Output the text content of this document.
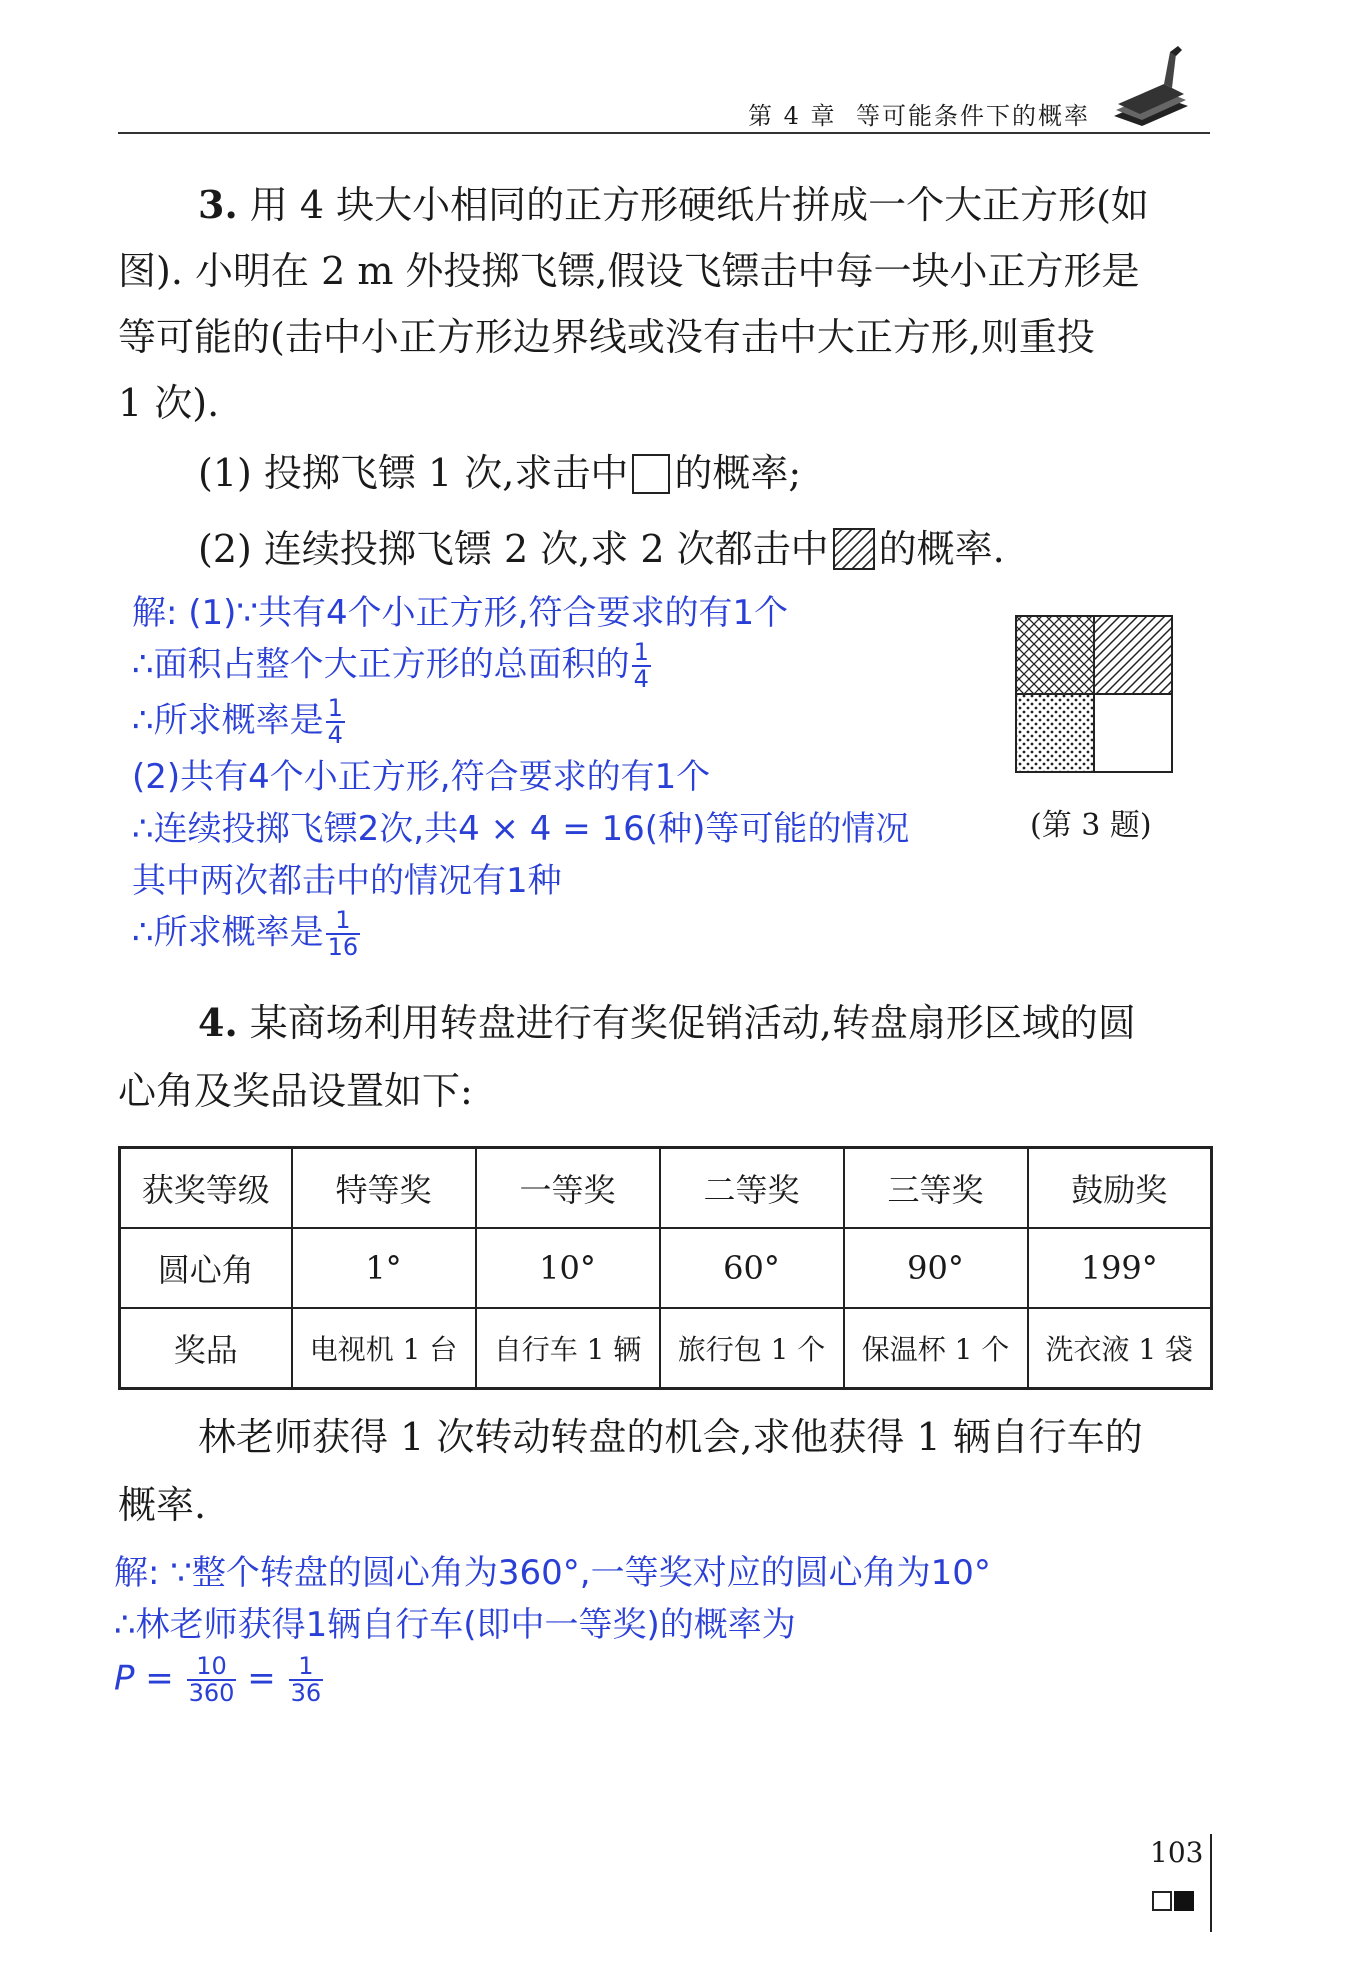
第 4 章 等可能条件下的概率
3. 用 4 块大小相同的正方形硬纸片拼成一个大正方形(如
图). 小明在 2 m 外投掷飞镖,假设飞镖击中每一块小正方形是
等可能的(击中小正方形边界线或没有击中大正方形,则重投
1 次).
(1) 投掷飞镖 1 次,求击中 的概率;
(2) 连续投掷飞镖 2 次,求 2 次都击中 的概率.
(第 3 题)
解: (1)∵共有4个小正方形,符合要求的有1个
∴面积占整个大正方形的总面积的 $\frac{1}{4}$
∴所求概率是 $\frac{1}{4}$
(2)共有4个小正方形,符合要求的有1个
∴连续投掷飞镖2次,共4 × 4 = 16(种)等可能的情况
其中两次都击中的情况有1种
∴所求概率是 $\frac{1}{16}$
4. 某商场利用转盘进行有奖促销活动,转盘扇形区域的圆
心角及奖品设置如下:
获奖等级	特等奖	一等奖	二等奖	三等奖	鼓励奖
圆心角	1°	10°	60°	90°	199°
奖品	电视机 1 台	自行车 1 辆	旅行包 1 个	保温杯 1 个	洗衣液 1 袋
林老师获得 1 次转动转盘的机会,求他获得 1 辆自行车的
概率.
解: ∵整个转盘的圆心角为360°,一等奖对应的圆心角为10°
∴林老师获得1辆自行车(即中一等奖)的概率为
$P = \frac{10}{360} = \frac{1}{36}$
103
